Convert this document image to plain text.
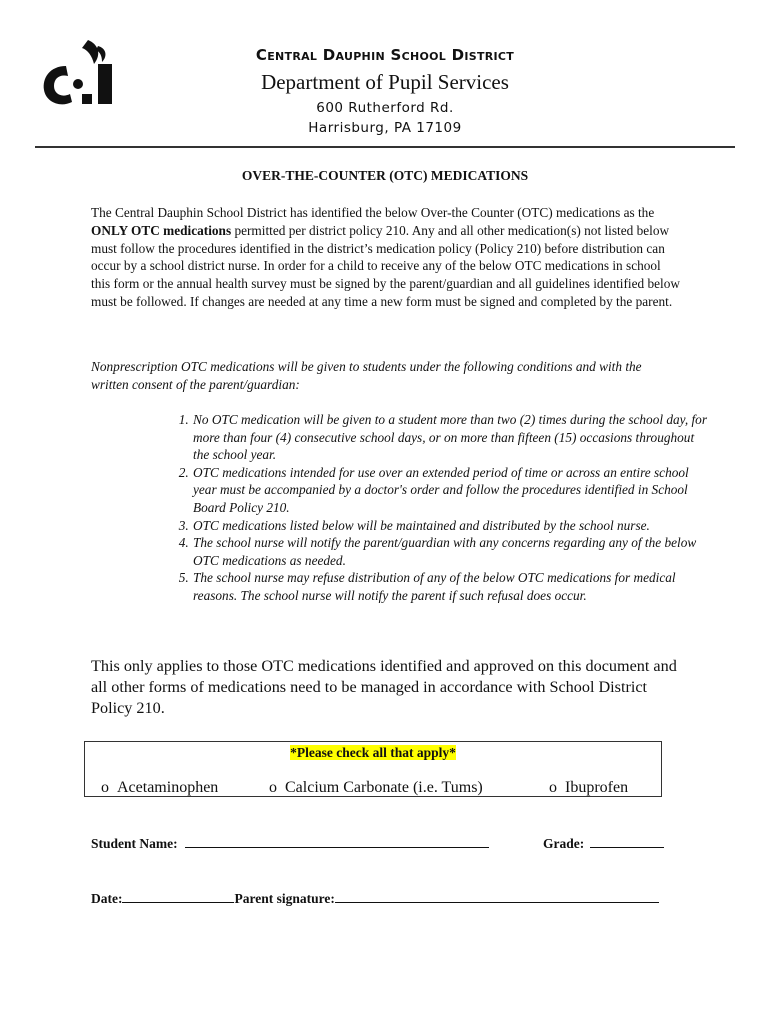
Central Dauphin School District
Department of Pupil Services
600 Rutherford Rd.
Harrisburg, PA 17109
OVER-THE-COUNTER (OTC) MEDICATIONS
The Central Dauphin School District has identified the below Over-the Counter (OTC) medications as the ONLY OTC medications permitted per district policy 210. Any and all other medication(s) not listed below must follow the procedures identified in the district’s medication policy (Policy 210) before distribution can occur by a school district nurse. In order for a child to receive any of the below OTC medications in school this form or the annual health survey must be signed by the parent/guardian and all guidelines identified below must be followed. If changes are needed at any time a new form must be signed and completed by the parent.
Nonprescription OTC medications will be given to students under the following conditions and with the written consent of the parent/guardian:
1. No OTC medication will be given to a student more than two (2) times during the school day, for more than four (4) consecutive school days, or on more than fifteen (15) occasions throughout the school year.
2. OTC medications intended for use over an extended period of time or across an entire school year must be accompanied by a doctor's order and follow the procedures identified in School Board Policy 210.
3. OTC medications listed below will be maintained and distributed by the school nurse.
4. The school nurse will notify the parent/guardian with any concerns regarding any of the below OTC medications as needed.
5. The school nurse may refuse distribution of any of the below OTC medications for medical reasons. The school nurse will notify the parent if such refusal does occur.
This only applies to those OTC medications identified and approved on this document and all other forms of medications need to be managed in accordance with School District Policy 210.
*Please check all that apply*
o Acetaminophen	o Calcium Carbonate (i.e. Tums)	o Ibuprofen
Student Name:	Grade:
Date:	Parent signature:
